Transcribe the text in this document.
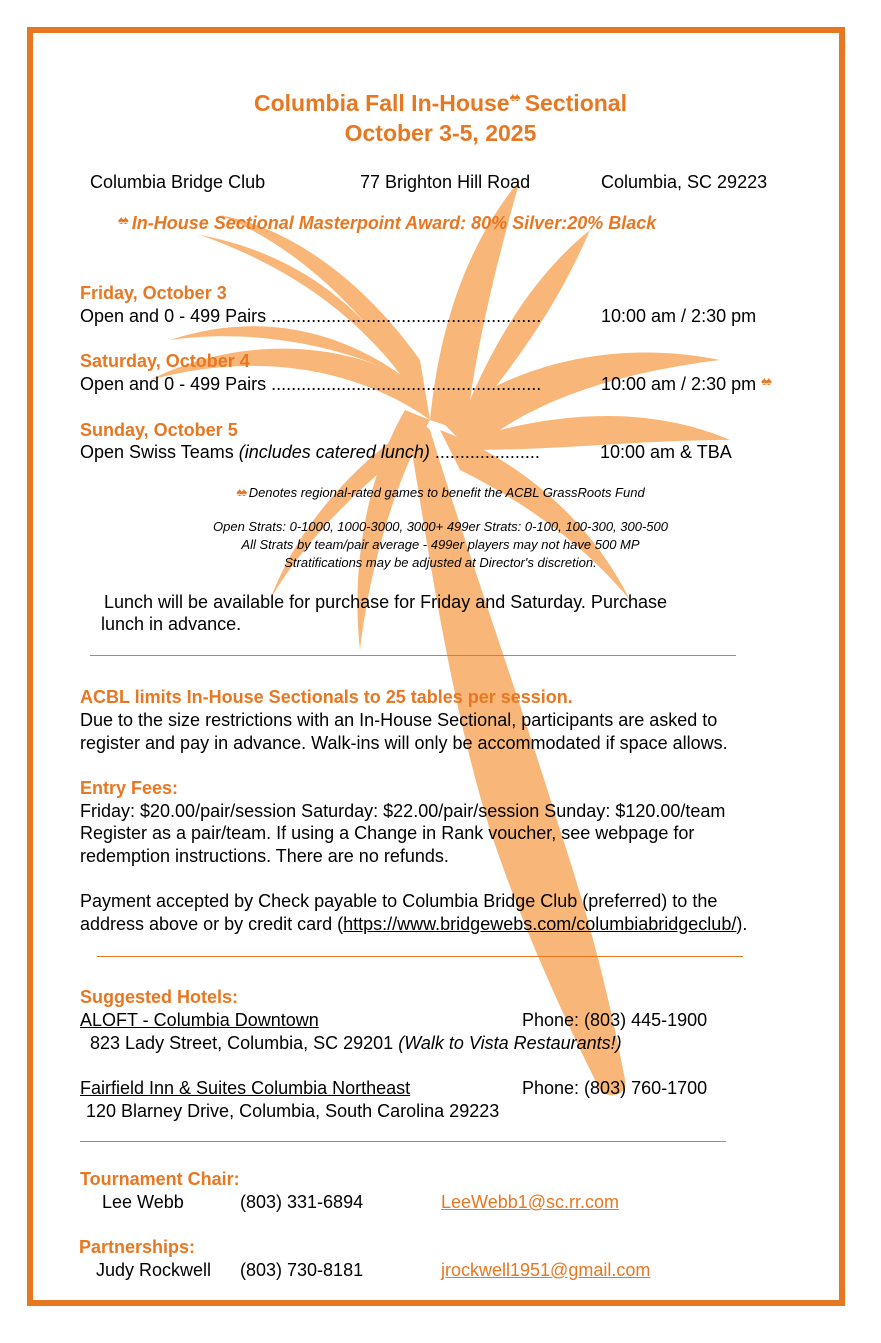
Columbia Fall In-House♠♠ Sectional
October 3-5, 2025
Columbia Bridge Club	77 Brighton Hill Road	Columbia, SC 29223
♠♠ In-House Sectional Masterpoint Award: 80% Silver:20% Black
Friday, October 3
Open and 0 - 499 Pairs ......................................................	10:00 am / 2:30 pm
Saturday, October 4
Open and 0 - 499 Pairs ......................................................	10:00 am / 2:30 pm ♠♠
Sunday, October 5
Open Swiss Teams (includes catered lunch) .....................	10:00 am & TBA
♠♠ Denotes regional-rated games to benefit the ACBL GrassRoots Fund
Open Strats: 0-1000, 1000-3000, 3000+ 499er Strats: 0-100, 100-300, 300-500
All Strats by team/pair average - 499er players may not have 500 MP
Stratifications may be adjusted at Director's discretion.
Lunch will be available for purchase for Friday and Saturday. Purchase
lunch in advance.
ACBL limits In-House Sectionals to 25 tables per session.
Due to the size restrictions with an In-House Sectional, participants are asked to
register and pay in advance. Walk-ins will only be accommodated if space allows.
Entry Fees:
Friday: $20.00/pair/session Saturday: $22.00/pair/session Sunday: $120.00/team
Register as a pair/team. If using a Change in Rank voucher, see webpage for
redemption instructions. There are no refunds.
Payment accepted by Check payable to Columbia Bridge Club (preferred) to the
address above or by credit card (https://www.bridgewebs.com/columbiabridgeclub/).
Suggested Hotels:
ALOFT - Columbia Downtown	Phone: (803) 445-1900
823 Lady Street, Columbia, SC 29201 (Walk to Vista Restaurants!)
Fairfield Inn & Suites Columbia Northeast	Phone: (803) 760-1700
120 Blarney Drive, Columbia, South Carolina 29223
Tournament Chair:
Lee Webb	(803) 331-6894	LeeWebb1@sc.rr.com
Partnerships:
Judy Rockwell (803) 730-8181	jrockwell1951@gmail.com
